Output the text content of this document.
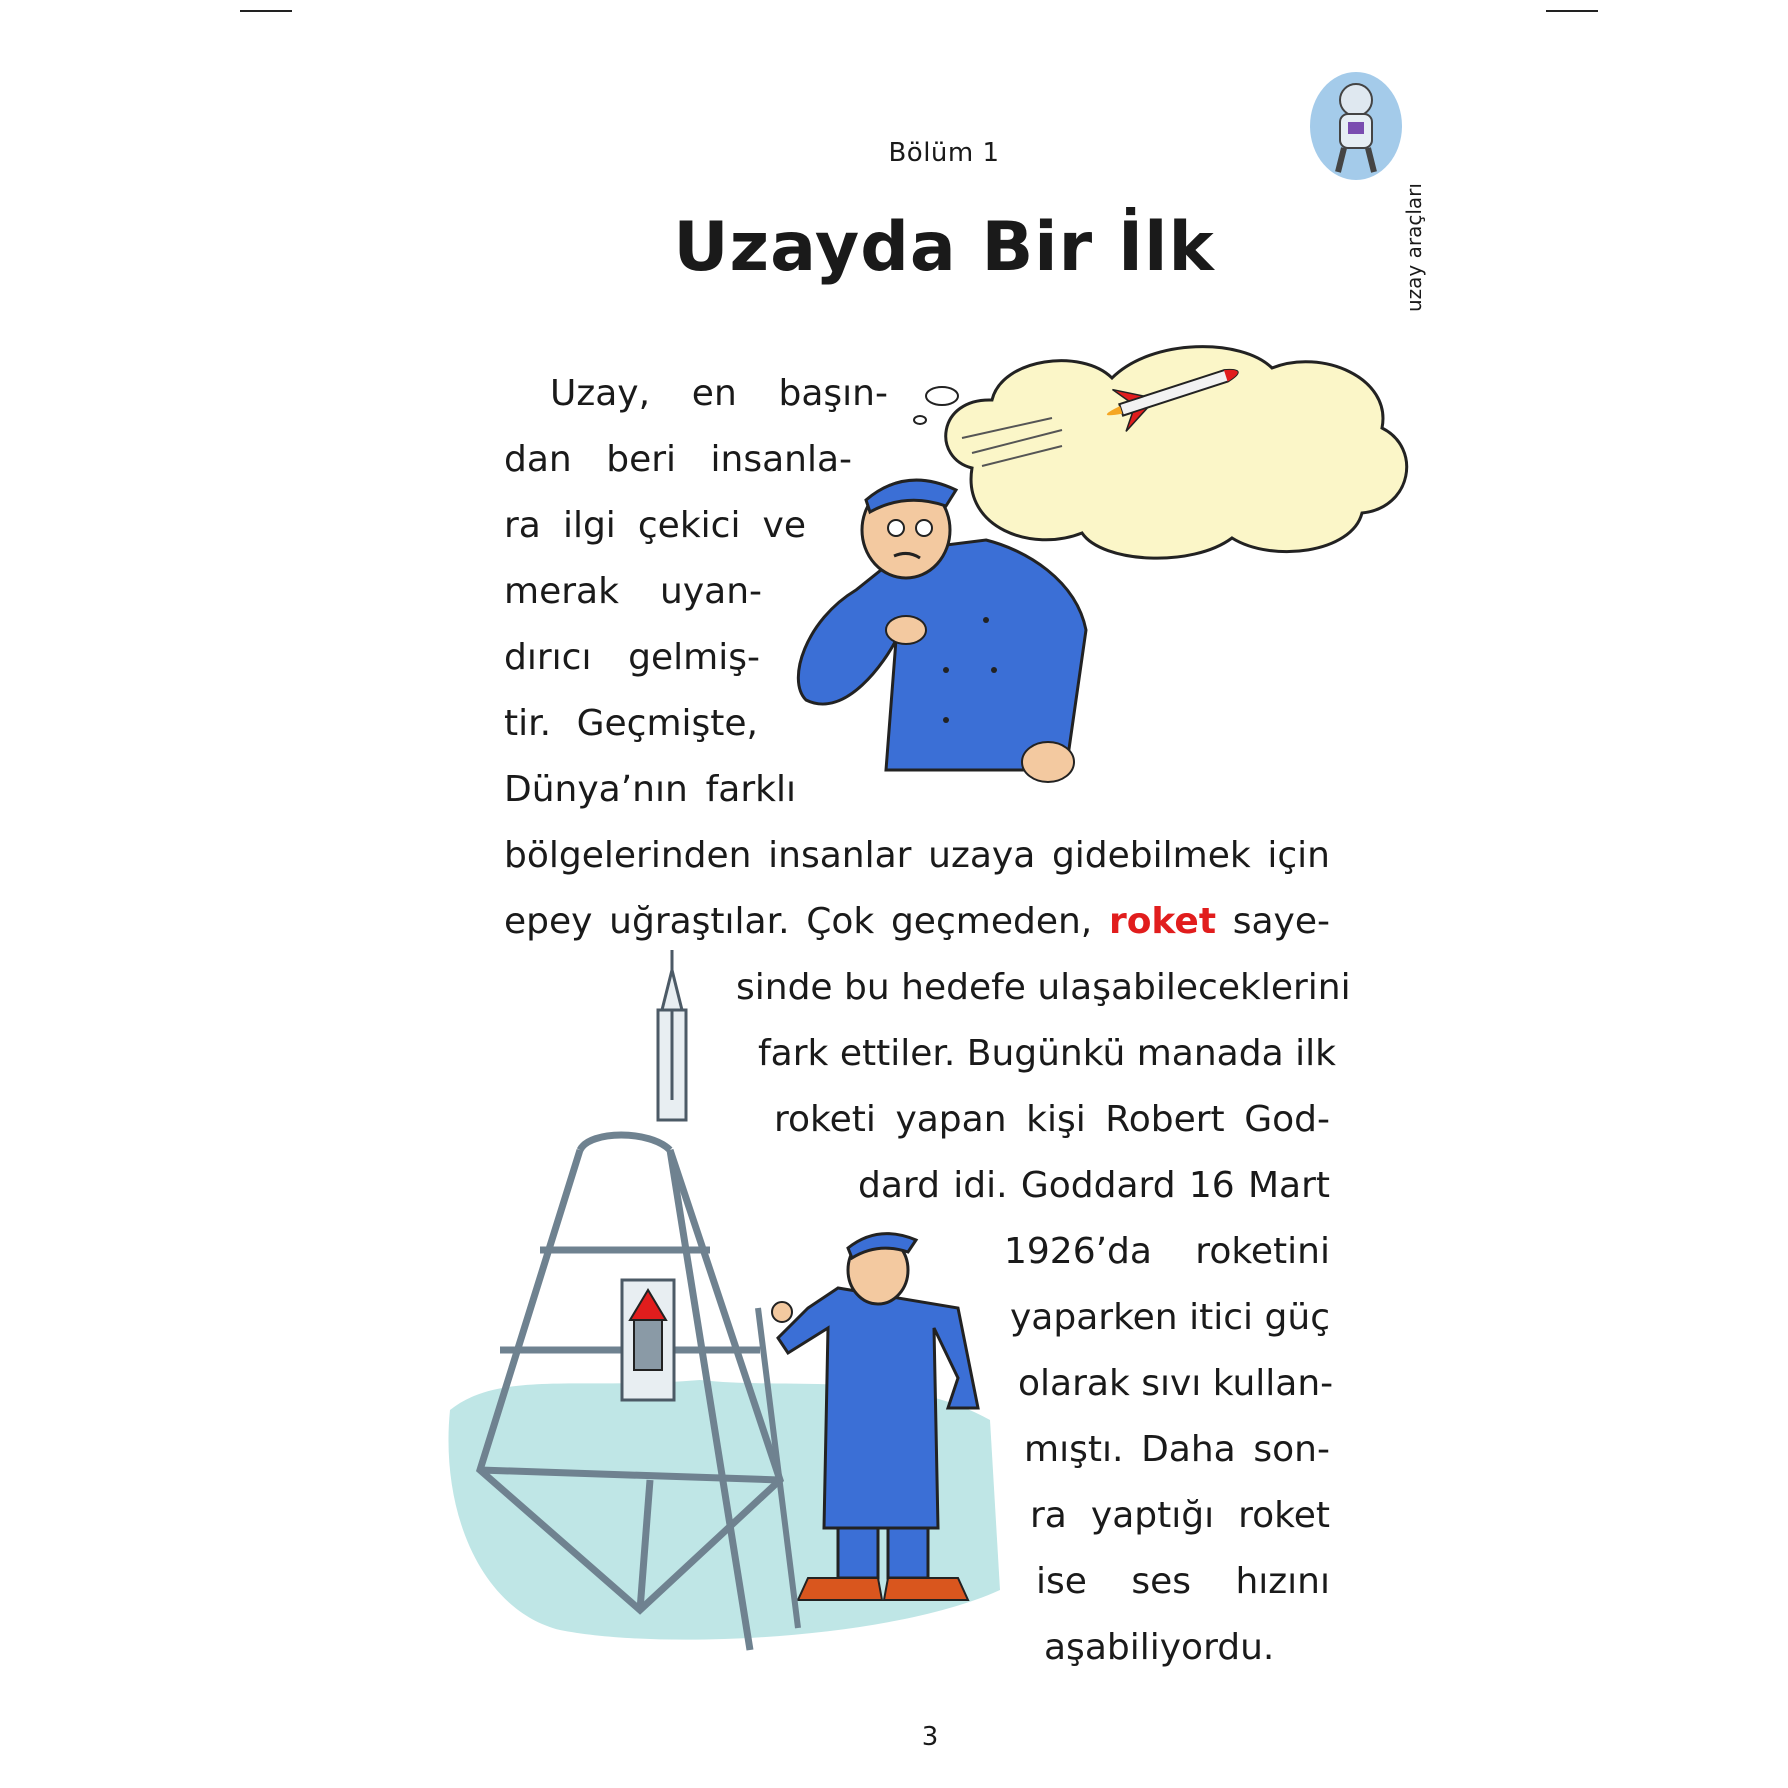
Bölüm 1
Uzayda Bir İlk	uzay araçları
Uzay, en başın-
dan beri insanla-
ra ilgi çekici ve
merak uyan-
dırıcı gelmiş-
tir. Geçmişte,
Dünya’nın farklı
bölgelerinden insanlar uzaya gidebilmek için
epey uğraştılar. Çok geçmeden, roket saye-
sinde bu hedefe ulaşabileceklerini
fark ettiler. Bugünkü manada ilk
roketi yapan kişi Robert God-
dard idi. Goddard 16 Mart
1926’da roketini
yaparken itici güç
olarak sıvı kullan-
mıştı. Daha son-
ra yaptığı roket
ise ses hızını
aşabiliyordu.
3
